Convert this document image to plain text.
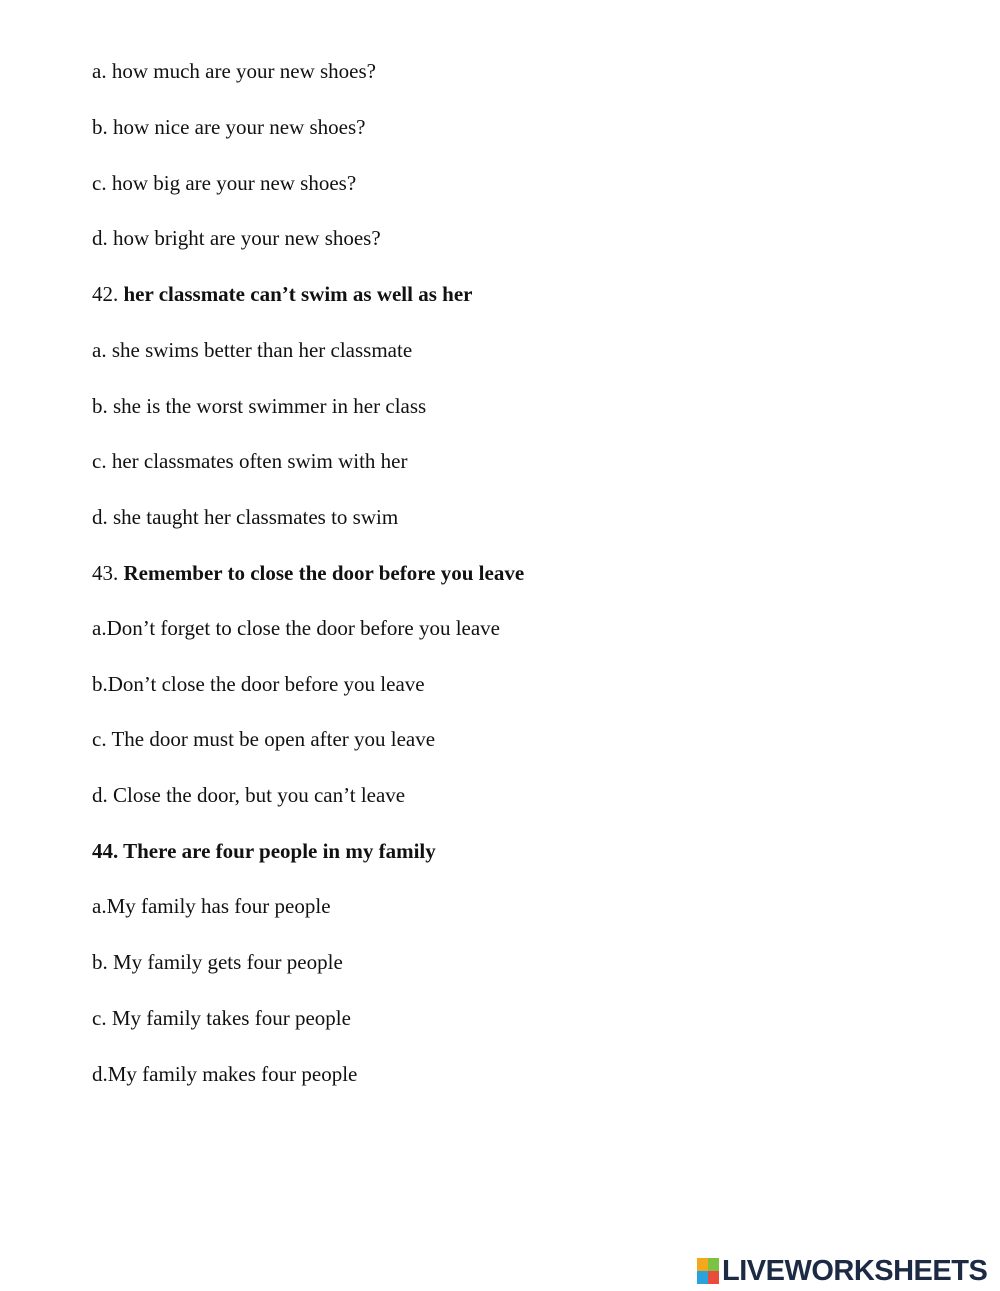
a. how much are your new shoes?
b. how nice are your new shoes?
c. how big are your new shoes?
d. how bright are your new shoes?
42. her classmate can’t swim as well as her
a. she swims better than her classmate
b. she is the worst swimmer in her class
c. her classmates often swim with her
d. she taught her classmates to swim
43. Remember to close the door before you leave
a.Don’t forget to close the door before you leave
b.Don’t close the door before you leave
c. The door must be open after you leave
d. Close the door, but you can’t leave
44. There are four people in my family
a.My family has four people
b. My family gets four people
c. My family takes four people
d.My family makes four people
LIVEWORKSHEETS
